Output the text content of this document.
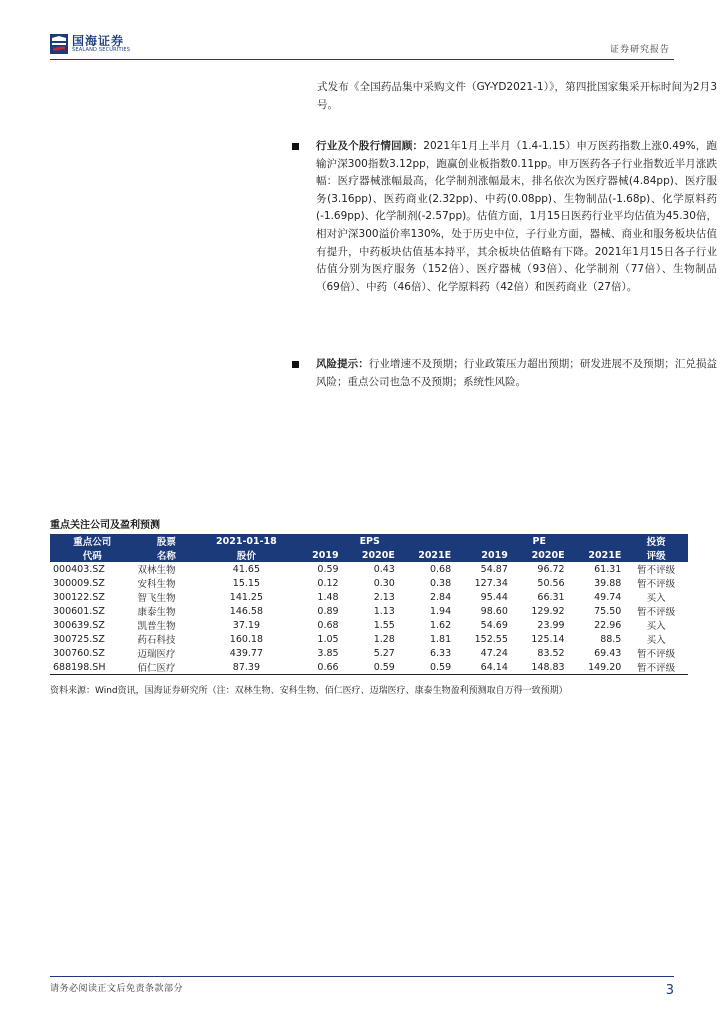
国海证券
SEALAND SECURITIES	证券研究报告
式发布《全国药品集中采购文件（GY-YD2021-1）》，第四批国家集采开标时间为2月3号。
行业及个股行情回顾：2021年1月上半月（1.4-1.15）申万医药指数上涨0.49%，跑输沪深300指数3.12pp，跑赢创业板指数0.11pp。申万医药各子行业指数近半月涨跌幅：医疗器械涨幅最高，化学制剂涨幅最末，排名依次为医疗器械(4.84pp)、医疗服务(3.16pp)、医药商业(2.32pp)、中药(0.08pp)、生物制品(-1.68p)、化学原料药(-1.69pp)、化学制剂(-2.57pp)。估值方面，1月15日医药行业平均估值为45.30倍，相对沪深300溢价率130%，处于历史中位，子行业方面，器械、商业和服务板块估值有提升，中药板块估值基本持平，其余板块估值略有下降。2021年1月15日各子行业估值分别为医疗服务（152倍）、医疗器械（93倍）、化学制剂（77倍）、生物制品（69倍）、中药（46倍）、化学原料药（42倍）和医药商业（27倍）。
风险提示：行业增速不及预期；行业政策压力超出预期；研发进展不及预期；汇兑损益风险；重点公司也急不及预期；系统性风险。
重点关注公司及盈利预测
重点公司	股票	2021-01-18		EPS			PE		投资
代码	名称	股价	2019	2020E	2021E	2019	2020E	2021E	评级
000403.SZ	双林生物	41.65	0.59	0.43	0.68	54.87	96.72	61.31	暂不评级
300009.SZ	安科生物	15.15	0.12	0.30	0.38	127.34	50.56	39.88	暂不评级
300122.SZ	智飞生物	141.25	1.48	2.13	2.84	95.44	66.31	49.74	买入
300601.SZ	康泰生物	146.58	0.89	1.13	1.94	98.60	129.92	75.50	暂不评级
300639.SZ	凯普生物	37.19	0.68	1.55	1.62	54.69	23.99	22.96	买入
300725.SZ	药石科技	160.18	1.05	1.28	1.81	152.55	125.14	88.5	买入
300760.SZ	迈瑞医疗	439.77	3.85	5.27	6.33	47.24	83.52	69.43	暂不评级
688198.SH	佰仁医疗	87.39	0.66	0.59	0.59	64.14	148.83	149.20	暂不评级
资料来源：Wind资讯，国海证券研究所（注：双林生物、安科生物、佰仁医疗、迈瑞医疗、康泰生物盈利预测取自万得一致预期）
请务必阅读正文后免责条款部分	3
